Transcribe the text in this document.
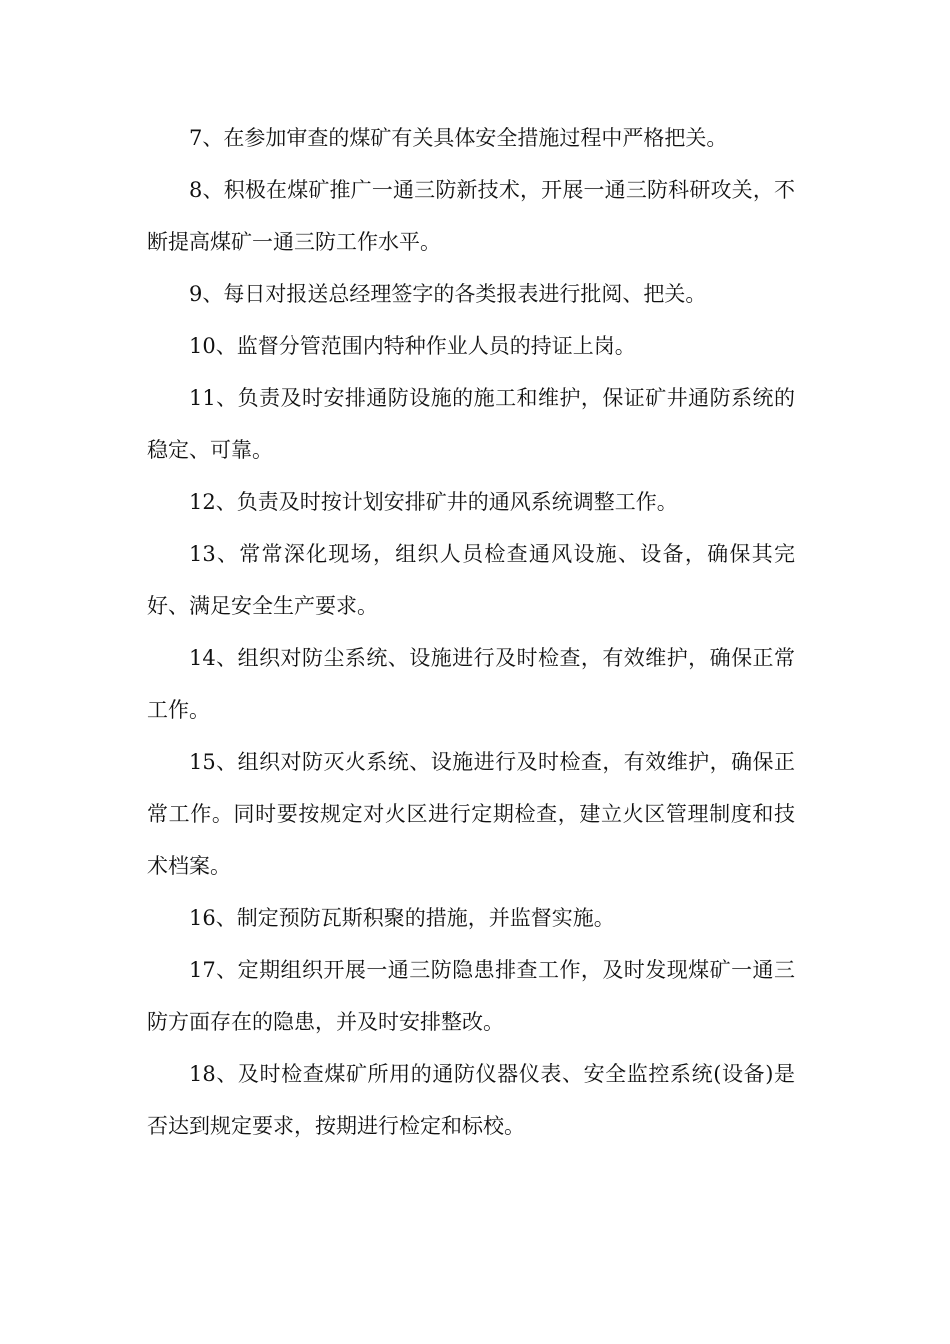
7、在参加审查的煤矿有关具体安全措施过程中严格把关。

8、积极在煤矿推广一通三防新技术，开展一通三防科研攻关，不断提高煤矿一通三防工作水平。

9、每日对报送总经理签字的各类报表进行批阅、把关。

10、监督分管范围内特种作业人员的持证上岗。

11、负责及时安排通防设施的施工和维护，保证矿井通防系统的稳定、可靠。

12、负责及时按计划安排矿井的通风系统调整工作。

13、常常深化现场，组织人员检查通风设施、设备，确保其完好、满足安全生产要求。

14、组织对防尘系统、设施进行及时检查，有效维护，确保正常工作。

15、组织对防灭火系统、设施进行及时检查，有效维护，确保正常工作。同时要按规定对火区进行定期检查，建立火区管理制度和技术档案。

16、制定预防瓦斯积聚的措施，并监督实施。

17、定期组织开展一通三防隐患排查工作，及时发现煤矿一通三防方面存在的隐患，并及时安排整改。

18、及时检查煤矿所用的通防仪器仪表、安全监控系统(设备)是否达到规定要求，按期进行检定和标校。
